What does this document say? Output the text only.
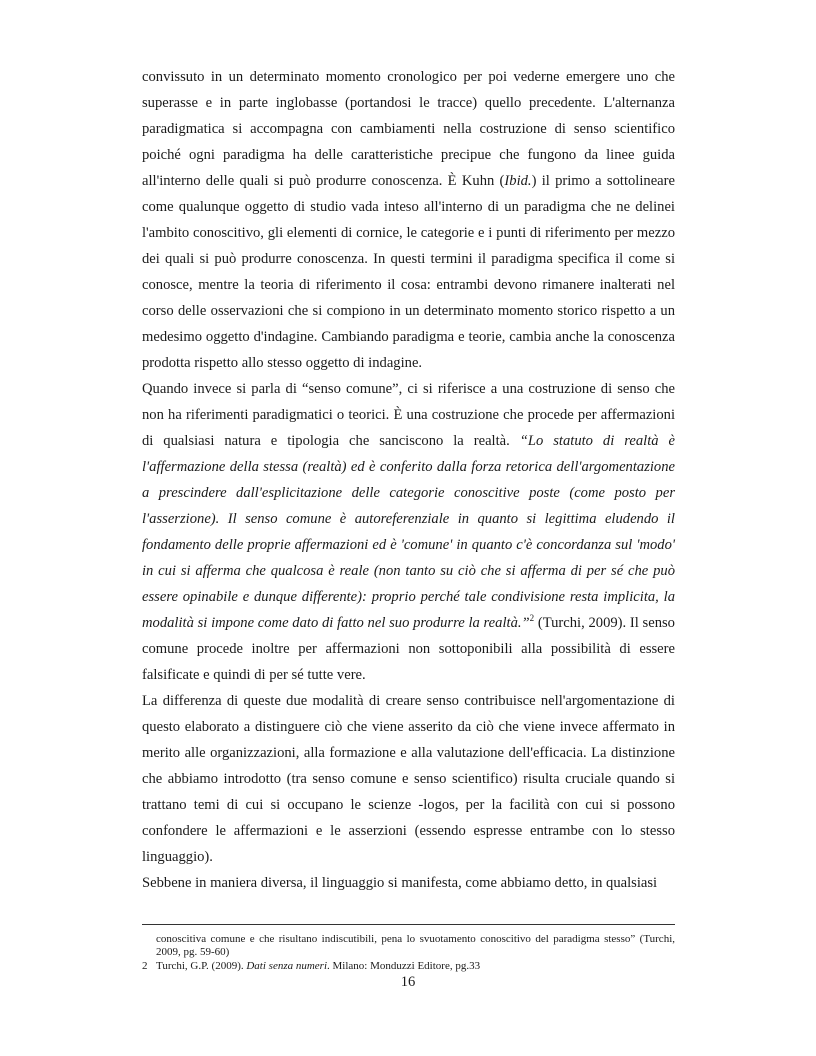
convissuto in un determinato momento cronologico per poi vederne emergere uno che superasse e in parte inglobasse (portandosi le tracce) quello precedente. L'alternanza paradigmatica si accompagna con cambiamenti nella costruzione di senso scientifico poiché ogni paradigma ha delle caratteristiche precipue che fungono da linee guida all'interno delle quali si può produrre conoscenza. È Kuhn (Ibid.) il primo a sottolineare come qualunque oggetto di studio vada inteso all'interno di un paradigma che ne delinei l'ambito conoscitivo, gli elementi di cornice, le categorie e i punti di riferimento per mezzo dei quali si può produrre conoscenza. In questi termini il paradigma specifica il come si conosce, mentre la teoria di riferimento il cosa: entrambi devono rimanere inalterati nel corso delle osservazioni che si compiono in un determinato momento storico rispetto a un medesimo oggetto d'indagine. Cambiando paradigma e teorie, cambia anche la conoscenza prodotta rispetto allo stesso oggetto di indagine.

Quando invece si parla di “senso comune”, ci si riferisce a una costruzione di senso che non ha riferimenti paradigmatici o teorici. È una costruzione che procede per affermazioni di qualsiasi natura e tipologia che sanciscono la realtà. “Lo statuto di realtà è l'affermazione della stessa (realtà) ed è conferito dalla forza retorica dell'argomentazione a prescindere dall'esplicitazione delle categorie conoscitive poste (come posto per l'asserzione). Il senso comune è autoreferenziale in quanto si legittima eludendo il fondamento delle proprie affermazioni ed è 'comune' in quanto c'è concordanza sul 'modo' in cui si afferma che qualcosa è reale (non tanto su ciò che si afferma di per sé che può essere opinabile e dunque differente): proprio perché tale condivisione resta implicita, la modalità si impone come dato di fatto nel suo produrre la realtà.”$^2$ (Turchi, 2009). Il senso comune procede inoltre per affermazioni non sottoponibili alla possibilità di essere falsificate e quindi di per sé tutte vere.

La differenza di queste due modalità di creare senso contribuisce nell'argomentazione di questo elaborato a distinguere ciò che viene asserito da ciò che viene invece affermato in merito alle organizzazioni, alla formazione e alla valutazione dell'efficacia. La distinzione che abbiamo introdotto (tra senso comune e senso scientifico) risulta cruciale quando si trattano temi di cui si occupano le scienze -logos, per la facilità con cui si possono confondere le affermazioni e le asserzioni (essendo espresse entrambe con lo stesso linguaggio).

Sebbene in maniera diversa, il linguaggio si manifesta, come abbiamo detto, in qualsiasi

conoscitiva comune e che risultano indiscutibili, pena lo svuotamento conoscitivo del paradigma stesso” (Turchi, 2009, pg. 59-60)
2 Turchi, G.P. (2009). Dati senza numeri. Milano: Monduzzi Editore, pg.33
16
